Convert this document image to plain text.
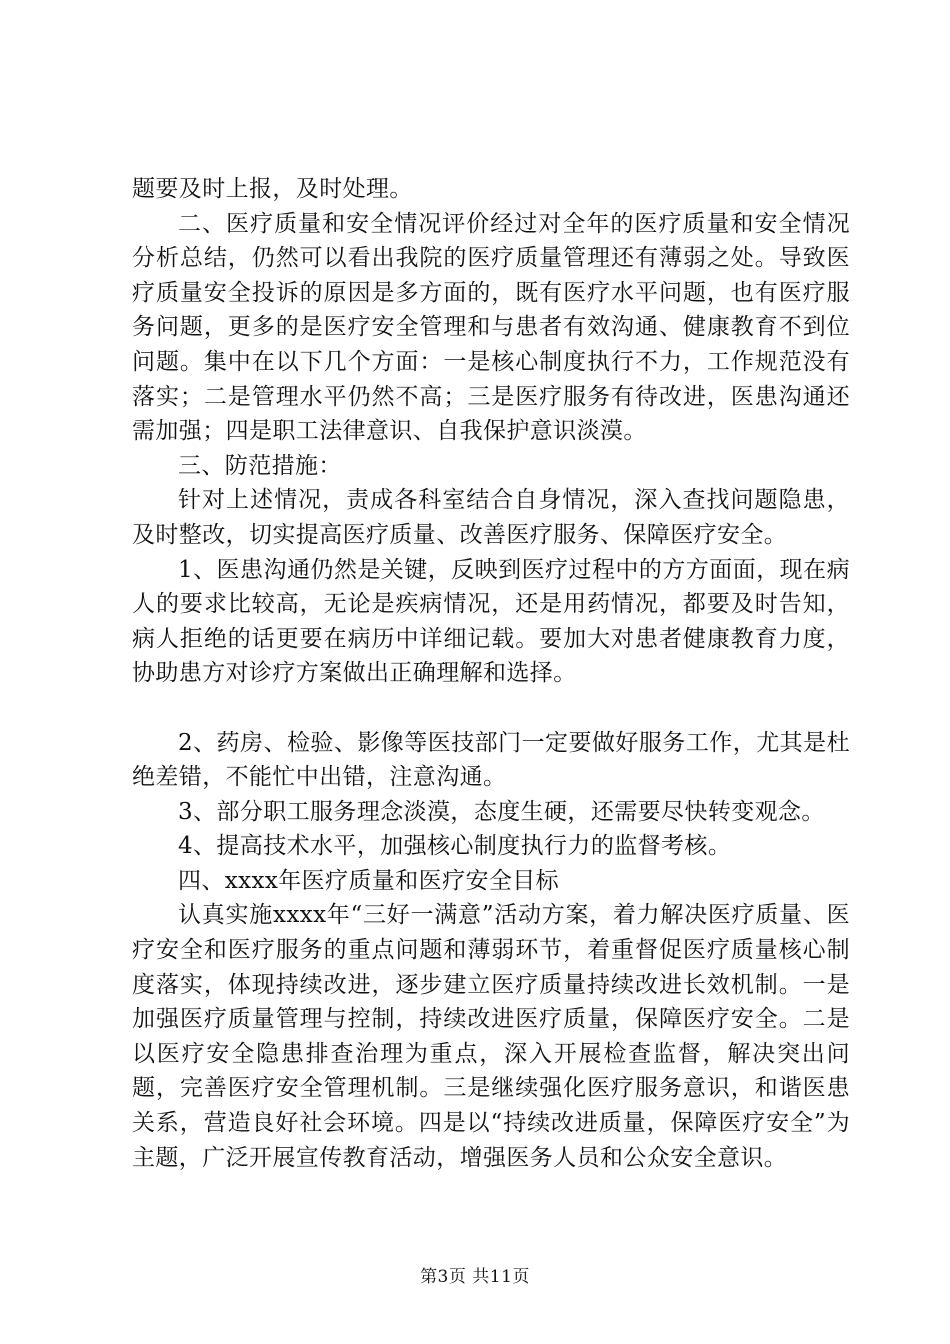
题要及时上报，及时处理。

二、医疗质量和安全情况评价经过对全年的医疗质量和安全情况分析总结，仍然可以看出我院的医疗质量管理还有薄弱之处。导致医疗质量安全投诉的原因是多方面的，既有医疗水平问题，也有医疗服务问题，更多的是医疗安全管理和与患者有效沟通、健康教育不到位问题。集中在以下几个方面：一是核心制度执行不力，工作规范没有落实；二是管理水平仍然不高；三是医疗服务有待改进，医患沟通还需加强；四是职工法律意识、自我保护意识淡漠。

三、防范措施：

针对上述情况，责成各科室结合自身情况，深入查找问题隐患，及时整改，切实提高医疗质量、改善医疗服务、保障医疗安全。

1、医患沟通仍然是关键，反映到医疗过程中的方方面面，现在病人的要求比较高，无论是疾病情况，还是用药情况，都要及时告知，病人拒绝的话更要在病历中详细记载。要加大对患者健康教育力度，协助患方对诊疗方案做出正确理解和选择。

2、药房、检验、影像等医技部门一定要做好服务工作，尤其是杜绝差错，不能忙中出错，注意沟通。

3、部分职工服务理念淡漠，态度生硬，还需要尽快转变观念。

4、提高技术水平，加强核心制度执行力的监督考核。

四、xxxx年医疗质量和医疗安全目标

认真实施xxxx年“三好一满意”活动方案，着力解决医疗质量、医疗安全和医疗服务的重点问题和薄弱环节，着重督促医疗质量核心制度落实，体现持续改进，逐步建立医疗质量持续改进长效机制。一是加强医疗质量管理与控制，持续改进医疗质量，保障医疗安全。二是以医疗安全隐患排查治理为重点，深入开展检查监督，解决突出问题，完善医疗安全管理机制。三是继续强化医疗服务意识，和谐医患关系，营造良好社会环境。四是以“持续改进质量，保障医疗安全”为主题，广泛开展宣传教育活动，增强医务人员和公众安全意识。

第3页 共11页
